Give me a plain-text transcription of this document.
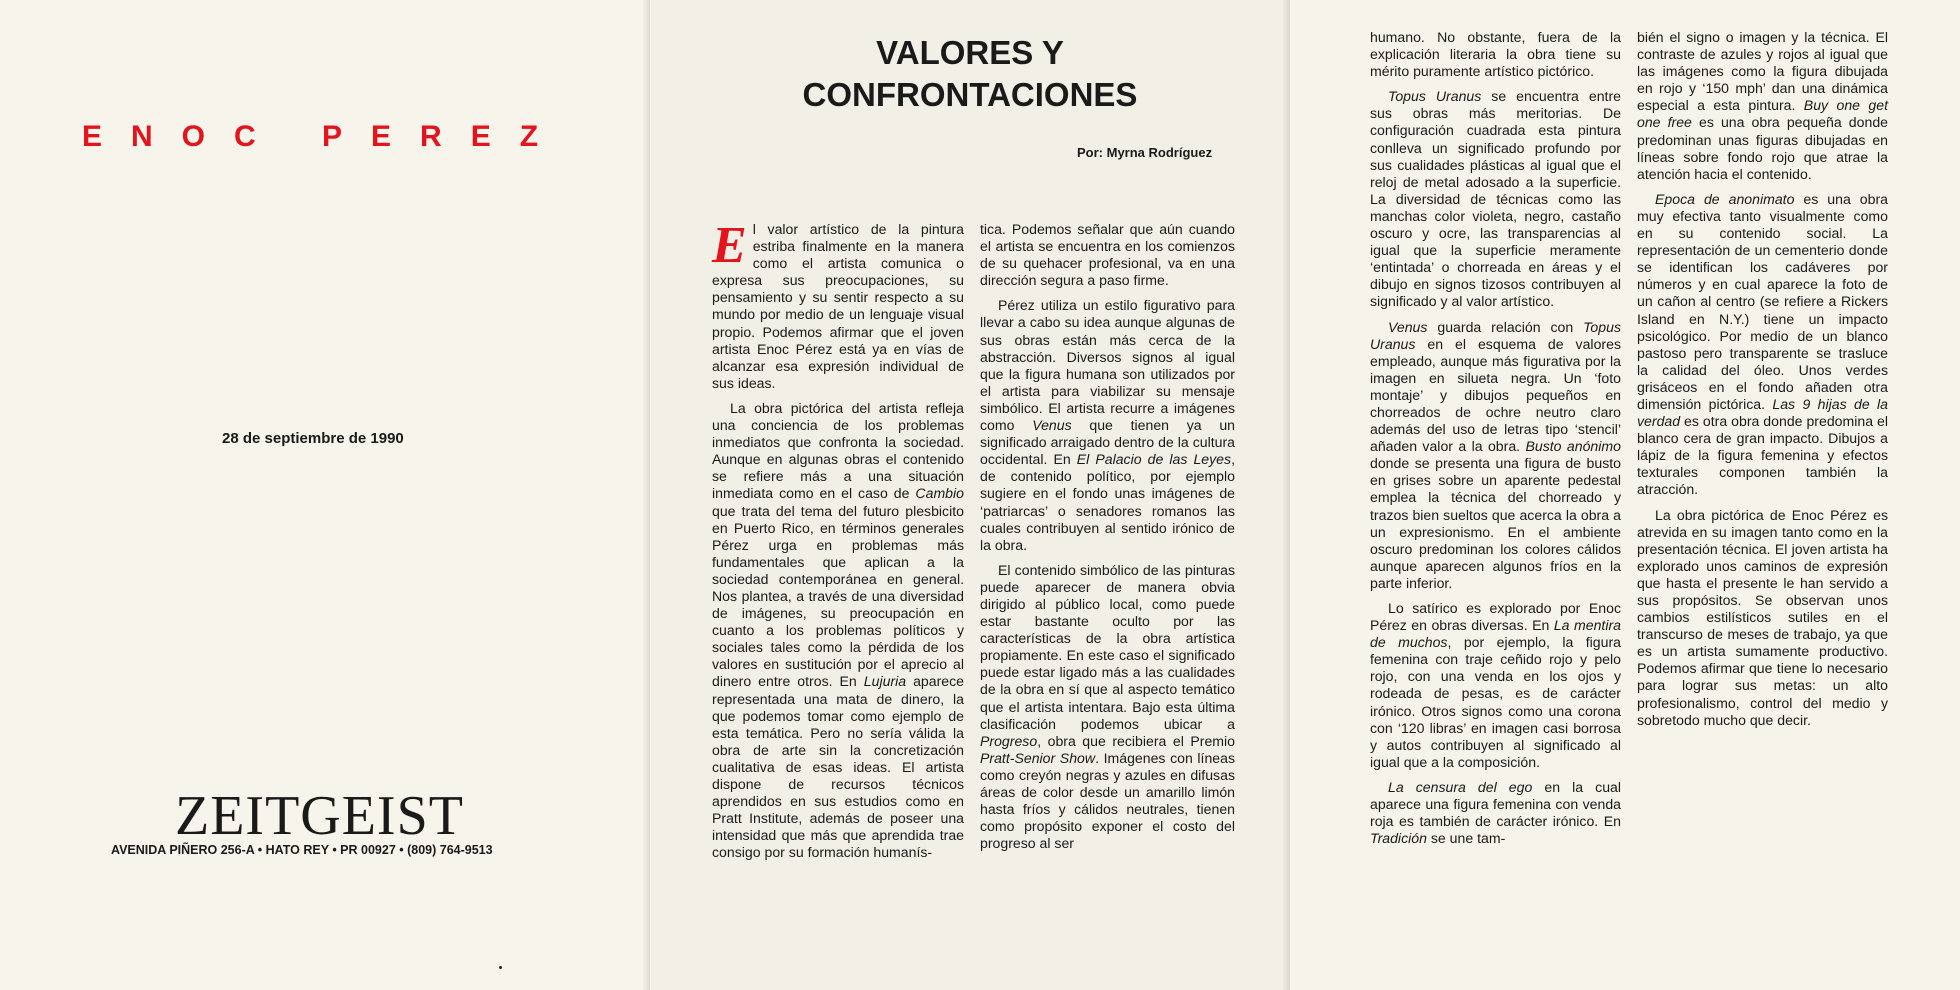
ENOC PEREZ
28 de septiembre de 1990
ZEITGEIST
AVENIDA PIÑERO 256-A • HATO REY • PR 00927 • (809) 764-9513
VALORES Y
CONFRONTACIONES
Por: Myrna Rodríguez

El valor artístico de la pintura estriba finalmente en la manera como el artista comunica o expresa sus preocupaciones, su pensamiento y su sentir respecto a su mundo por medio de un lenguaje visual propio. Podemos afirmar que el joven artista Enoc Pérez está ya en vías de alcanzar esa expresión individual de sus ideas.

La obra pictórica del artista refleja una conciencia de los problemas inmediatos que confronta la sociedad. Aunque en algunas obras el contenido se refiere más a una situación inmediata como en el caso de Cambio que trata del tema del futuro plesbicito en Puerto Rico, en términos generales Pérez urga en problemas más fundamentales que aplican a la sociedad contemporánea en general. Nos plantea, a través de una diversidad de imágenes, su preocupación en cuanto a los problemas políticos y sociales tales como la pérdida de los valores en sustitución por el aprecio al dinero entre otros. En Lujuria aparece representada una mata de dinero, la que podemos tomar como ejemplo de esta temática. Pero no sería válida la obra de arte sin la concretización cualitativa de esas ideas. El artista dispone de recursos técnicos aprendidos en sus estudios como en Pratt Institute, además de poseer una intensidad que más que aprendida trae consigo por su formación humanís-

tica. Podemos señalar que aún cuando el artista se encuentra en los comienzos de su quehacer profesional, va en una dirección segura a paso firme.

Pérez utiliza un estilo figurativo para llevar a cabo su idea aunque algunas de sus obras están más cerca de la abstracción. Diversos signos al igual que la figura humana son utilizados por el artista para viabilizar su mensaje simbólico. El artista recurre a imágenes como Venus que tienen ya un significado arraigado dentro de la cultura occidental. En El Palacio de las Leyes, de contenido político, por ejemplo sugiere en el fondo unas imágenes de ‘patriarcas’ o senadores romanos las cuales contribuyen al sentido irónico de la obra.

El contenido simbólico de las pinturas puede aparecer de manera obvia dirigido al público local, como puede estar bastante oculto por las características de la obra artística propiamente. En este caso el significado puede estar ligado más a las cualidades de la obra en sí que al aspecto temático que el artista intentara. Bajo esta última clasificación podemos ubicar a Progreso, obra que recibiera el Premio Pratt-Senior Show. Imágenes con líneas como creyón negras y azules en difusas áreas de color desde un amarillo limón hasta fríos y cálidos neutrales, tienen como propósito exponer el costo del progreso al ser

humano. No obstante, fuera de la explicación literaria la obra tiene su mérito puramente artístico pictórico.

Topus Uranus se encuentra entre sus obras más meritorias. De configuración cuadrada esta pintura conlleva un significado profundo por sus cualidades plásticas al igual que el reloj de metal adosado a la superficie. La diversidad de técnicas como las manchas color violeta, negro, castaño oscuro y ocre, las transparencias al igual que la superficie meramente ‘entintada’ o chorreada en áreas y el dibujo en signos tizosos contribuyen al significado y al valor artístico.

Venus guarda relación con Topus Uranus en el esquema de valores empleado, aunque más figurativa por la imagen en silueta negra. Un ‘foto montaje’ y dibujos pequeños en chorreados de ochre neutro claro además del uso de letras tipo ‘stencil’ añaden valor a la obra. Busto anónimo donde se presenta una figura de busto en grises sobre un aparente pedestal emplea la técnica del chorreado y trazos bien sueltos que acerca la obra a un expresionismo. En el ambiente oscuro predominan los colores cálidos aunque aparecen algunos fríos en la parte inferior.

Lo satírico es explorado por Enoc Pérez en obras diversas. En La mentira de muchos, por ejemplo, la figura femenina con traje ceñido rojo y pelo rojo, con una venda en los ojos y rodeada de pesas, es de carácter irónico. Otros signos como una corona con ‘120 libras’ en imagen casi borrosa y autos contribuyen al significado al igual que a la composición.

La censura del ego en la cual aparece una figura femenina con venda roja es también de carácter irónico. En Tradición se une tam-

bién el signo o imagen y la técnica. El contraste de azules y rojos al igual que las imágenes como la figura dibujada en rojo y ‘150 mph’ dan una dinámica especial a esta pintura. Buy one get one free es una obra pequeña donde predominan unas figuras dibujadas en líneas sobre fondo rojo que atrae la atención hacia el contenido.

Epoca de anonimato es una obra muy efectiva tanto visualmente como en su contenido social. La representación de un cementerio donde se identifican los cadáveres por números y en cual aparece la foto de un cañon al centro (se refiere a Rickers Island en N.Y.) tiene un impacto psicológico. Por medio de un blanco pastoso pero transparente se trasluce la calidad del óleo. Unos verdes grisáceos en el fondo añaden otra dimensión pictórica. Las 9 hijas de la verdad es otra obra donde predomina el blanco cera de gran impacto. Dibujos a lápiz de la figura femenina y efectos texturales componen también la atracción.

La obra pictórica de Enoc Pérez es atrevida en su imagen tanto como en la presentación técnica. El joven artista ha explorado unos caminos de expresión que hasta el presente le han servido a sus propósitos. Se observan unos cambios estilísticos sutiles en el transcurso de meses de trabajo, ya que es un artista sumamente productivo. Podemos afirmar que tiene lo necesario para lograr sus metas: un alto profesionalismo, control del medio y sobretodo mucho que decir.
